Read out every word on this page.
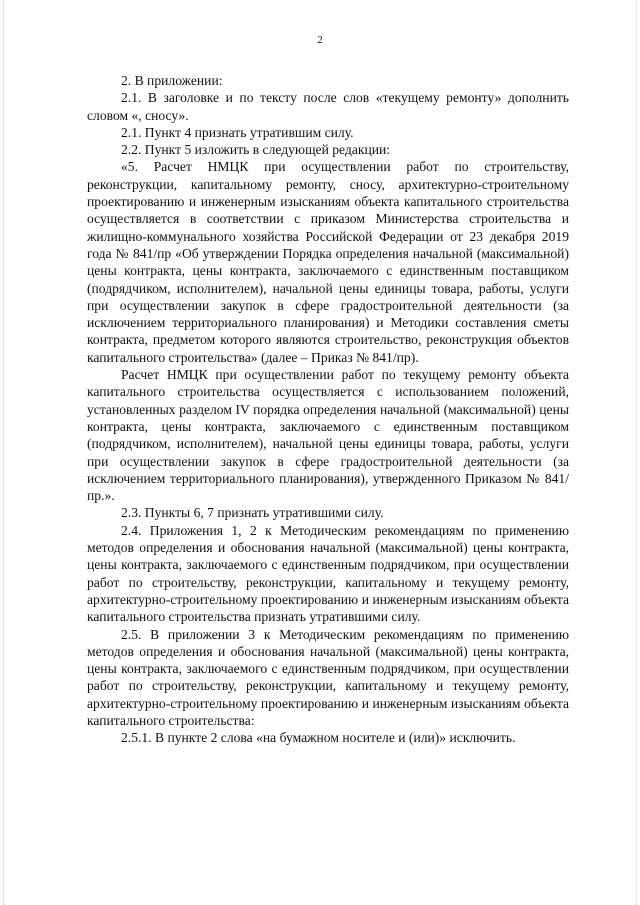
2

2. В приложении:

2.1. В заголовке и по тексту после слов «текущему ремонту» дополнить словом «, сносу».

2.1. Пункт 4 признать утратившим силу.

2.2. Пункт 5 изложить в следующей редакции:

«5. Расчет НМЦК при осуществлении работ по строительству, реконструкции, капитальному ремонту, сносу, архитектурно-строительному проектированию и инженерным изысканиям объекта капитального строительства осуществляется в соответствии с приказом Министерства строительства и жилищно-коммунального хозяйства Российской Федерации от 23 декабря 2019 года № 841/пр «Об утверждении Порядка определения начальной (максимальной) цены контракта, цены контракта, заключаемого с единственным поставщиком (подрядчиком, исполнителем), начальной цены единицы товара, работы, услуги при осуществлении закупок в сфере градостроительной деятельности (за исключением территориального планирования) и Методики составления сметы контракта, предметом которого являются строительство, реконструкция объектов капитального строительства» (далее – Приказ № 841/пр).

Расчет НМЦК при осуществлении работ по текущему ремонту объекта капитального строительства осуществляется с использованием положений, установленных разделом IV порядка определения начальной (максимальной) цены контракта, цены контракта, заключаемого с единственным поставщиком (подрядчиком, исполнителем), начальной цены единицы товара, работы, услуги при осуществлении закупок в сфере градостроительной деятельности (за исключением территориального планирования), утвержденного Приказом № 841/пр.».

2.3. Пункты 6, 7 признать утратившими силу.

2.4. Приложения 1, 2 к Методическим рекомендациям по применению методов определения и обоснования начальной (максимальной) цены контракта, цены контракта, заключаемого с единственным подрядчиком, при осуществлении работ по строительству, реконструкции, капитальному и текущему ремонту, архитектурно-строительному проектированию и инженерным изысканиям объекта капитального строительства признать утратившими силу.

2.5. В приложении 3 к Методическим рекомендациям по применению методов определения и обоснования начальной (максимальной) цены контракта, цены контракта, заключаемого с единственным подрядчиком, при осуществлении работ по строительству, реконструкции, капитальному и текущему ремонту, архитектурно-строительному проектированию и инженерным изысканиям объекта капитального строительства:

2.5.1. В пункте 2 слова «на бумажном носителе и (или)» исключить.
